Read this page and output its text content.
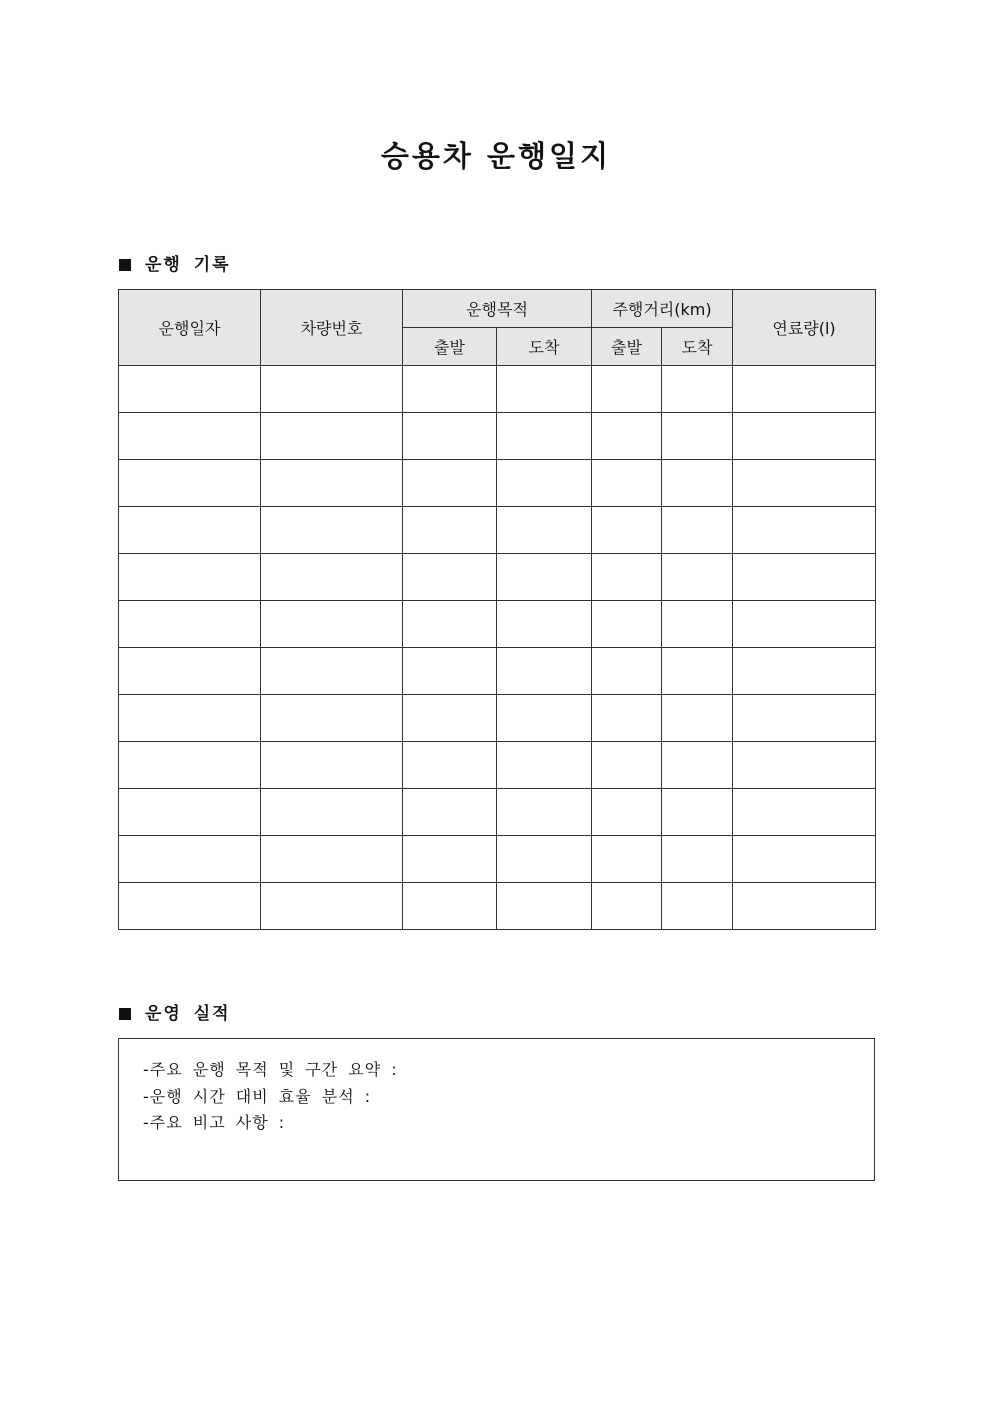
승용차 운행일지
운행 기록
운행일자	차량번호	운행목적		주행거리(km)		연료량(l)
		출발	도착	출발	도착	

운영 실적
-주요 운행 목적 및 구간 요약 :
-운행 시간 대비 효율 분석 :
-주요 비고 사항 :
